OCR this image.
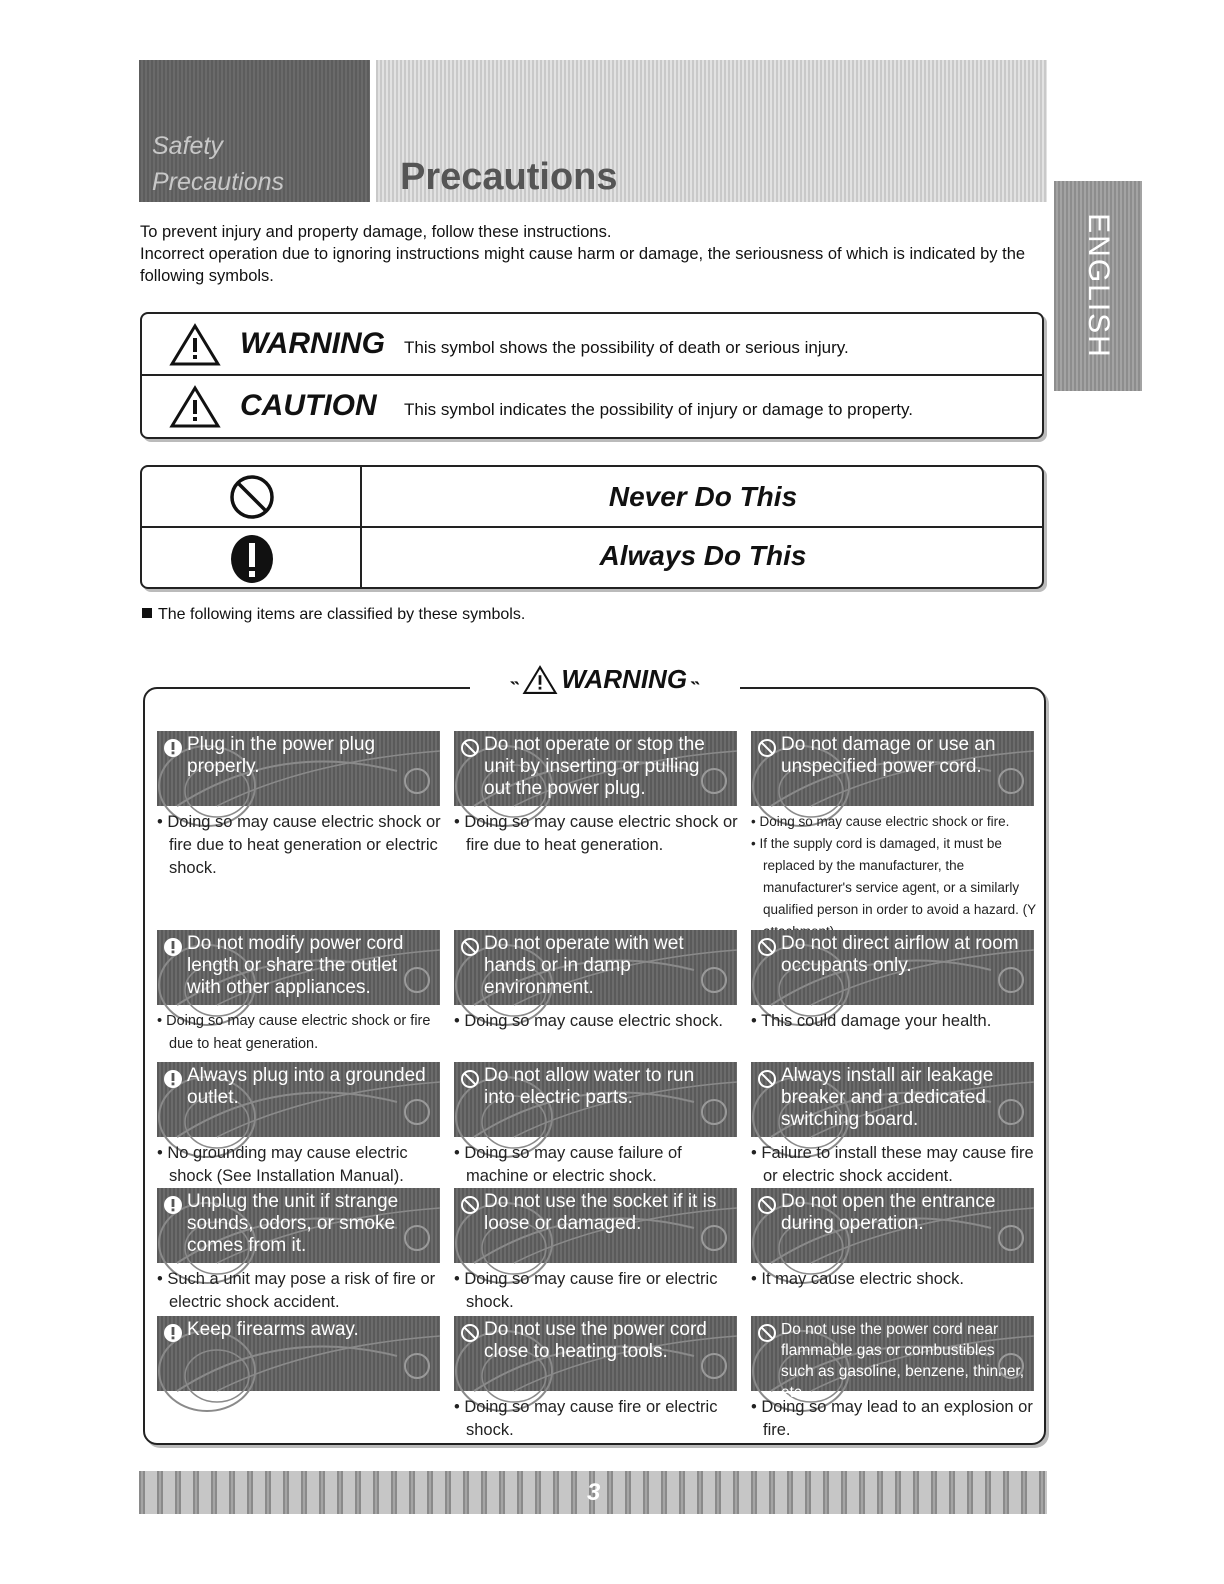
Safety
Precautions	Precautions
ENGLISH
To prevent injury and property damage, follow these instructions.
Incorrect operation due to ignoring instructions might cause harm or damage, the seriousness of which is indicated by the following symbols.
WARNING This symbol shows the possibility of death or serious injury.
CAUTION This symbol indicates the possibility of injury or damage to property.
Never Do This
Always Do This
The following items are classified by these symbols.
˵ WARNING ˵
Plug in the power plug properly.
• Doing so may cause electric shock or fire due to heat generation or electric shock.
Do not operate or stop the unit by inserting or pulling out the power plug.
• Doing so may cause electric shock or fire due to heat generation.
Do not damage or use an unspecified power cord.
• Doing so may cause electric shock or fire.
• If the supply cord is damaged, it must be replaced by the manufacturer, the manufacturer's service agent, or a similarly qualified person in order to avoid a hazard. (Y
Do not modify power cord length or share the outlet with other appliances.
• Doing so may cause electric shock or fire due to heat generation.
Do not operate with wet hands or in damp environment.
• Doing so may cause electric shock.
Do not direct airflow at room occupants only.
• This could damage your health.
Always plug into a grounded outlet.
• No grounding may cause electric shock (See Installation Manual).
Do not allow water to run into electric parts.
• Doing so may cause failure of machine or electric shock.
Always install air leakage breaker and a dedicated switching board.
• Failure to install these may cause fire or electric shock accident.
Unplug the unit if strange sounds, odors, or smoke comes from it.
• Such a unit may pose a risk of fire or electric shock accident.
Do not use the socket if it is loose or damaged.
• Doing so may cause fire or electric shock.
Do not open the entrance during operation.
• It may cause electric shock.
Keep firearms away.	Do not use the power cord close to heating tools.
• Doing so may cause fire or electric shock.
Do not use the power cord near flammable gas or combustibles such as gasoline, benzene, thinner, etc.
• Doing so may lead to an explosion or fire.
3
